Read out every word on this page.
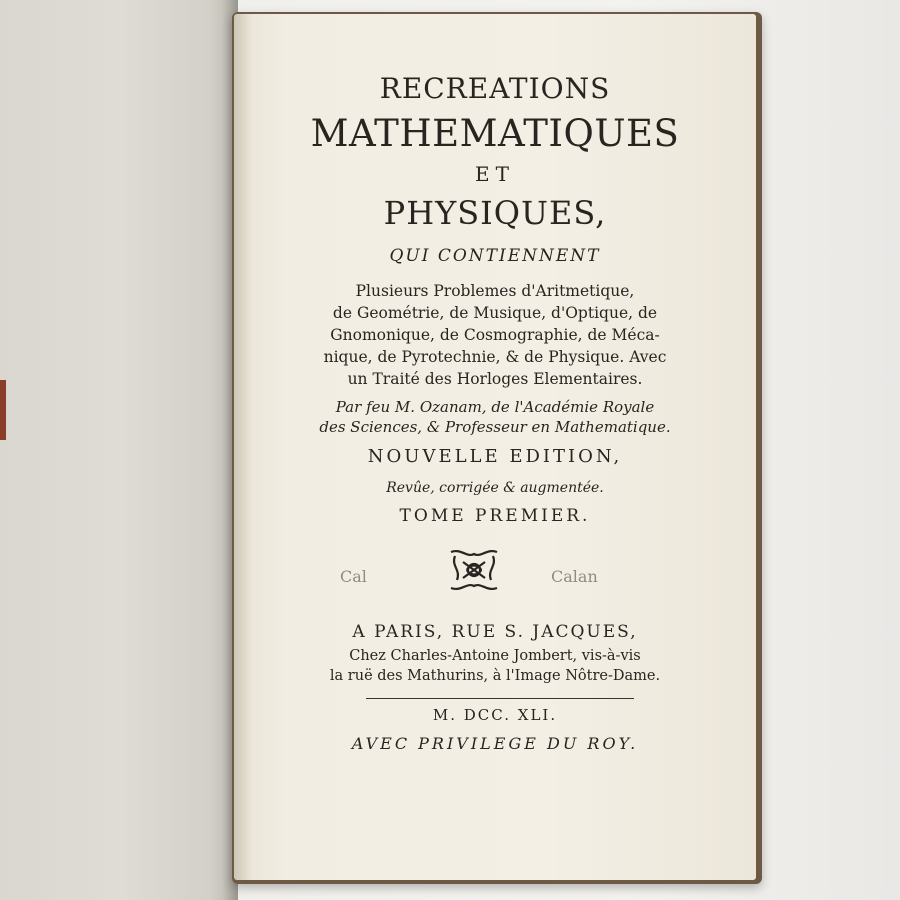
RECREATIONS
MATHEMATIQUES
ET
PHYSIQUES,
QUI CONTIENNENT
Plusieurs Problemes d'Aritmetique,
de Geométrie, de Musique, d'Optique, de
Gnomonique, de Cosmographie, de Méca-
nique, de Pyrotechnie, & de Physique. Avec
un Traité des Horloges Elementaires.
Par feu M. Ozanam, de l'Académie Royale
des Sciences, & Professeur en Mathematique.
NOUVELLE EDITION,
Revûe, corrigée & augmentée.
TOME PREMIER.
Cal	Calan
A PARIS, RUE S. JACQUES,
Chez Charles-Antoine Jombert, vis-à-vis
la ruë des Mathurins, à l'Image Nôtre-Dame.
M. DCC. XLI.
AVEC PRIVILEGE DU ROY.
